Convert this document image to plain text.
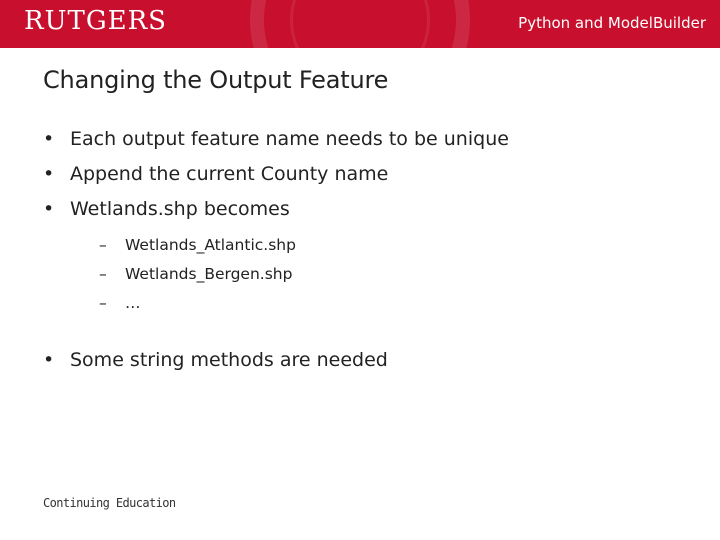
RUTGERS	Python and ModelBuilder
Changing the Output Feature
• Each output feature name needs to be unique
• Append the current County name
• Wetlands.shp becomes
–	Wetlands_Atlantic.shp
–	Wetlands_Bergen.shp
–	…
• Some string methods are needed
Continuing Education
